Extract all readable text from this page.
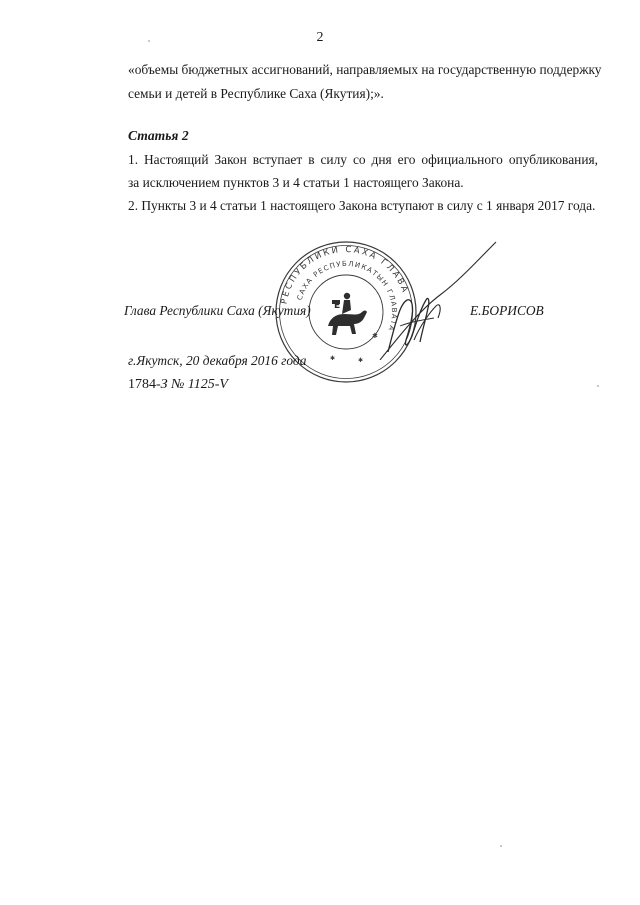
2
«объемы бюджетных ассигнований, направляемых на государственную поддержку
семьи и детей в Республике Саха (Якутия);».
Статья 2
1. Настоящий Закон вступает в силу со дня его официального опубликования,
за исключением пунктов 3 и 4 статьи 1 настоящего Закона.
2. Пункты 3 и 4 статьи 1 настоящего Закона вступают в силу с 1 января 2017 года.
РЕСПУБЛИКИ САХА ГЛАВА
САХА РЕСПУБЛИКАТЫН ГЛАВАТА
E
✱
✱	✱
Глава Республики Саха (Якутия)	Е.БОРИСОВ
г.Якутск, 20 декабря 2016 года
1784-З № 1125-V
